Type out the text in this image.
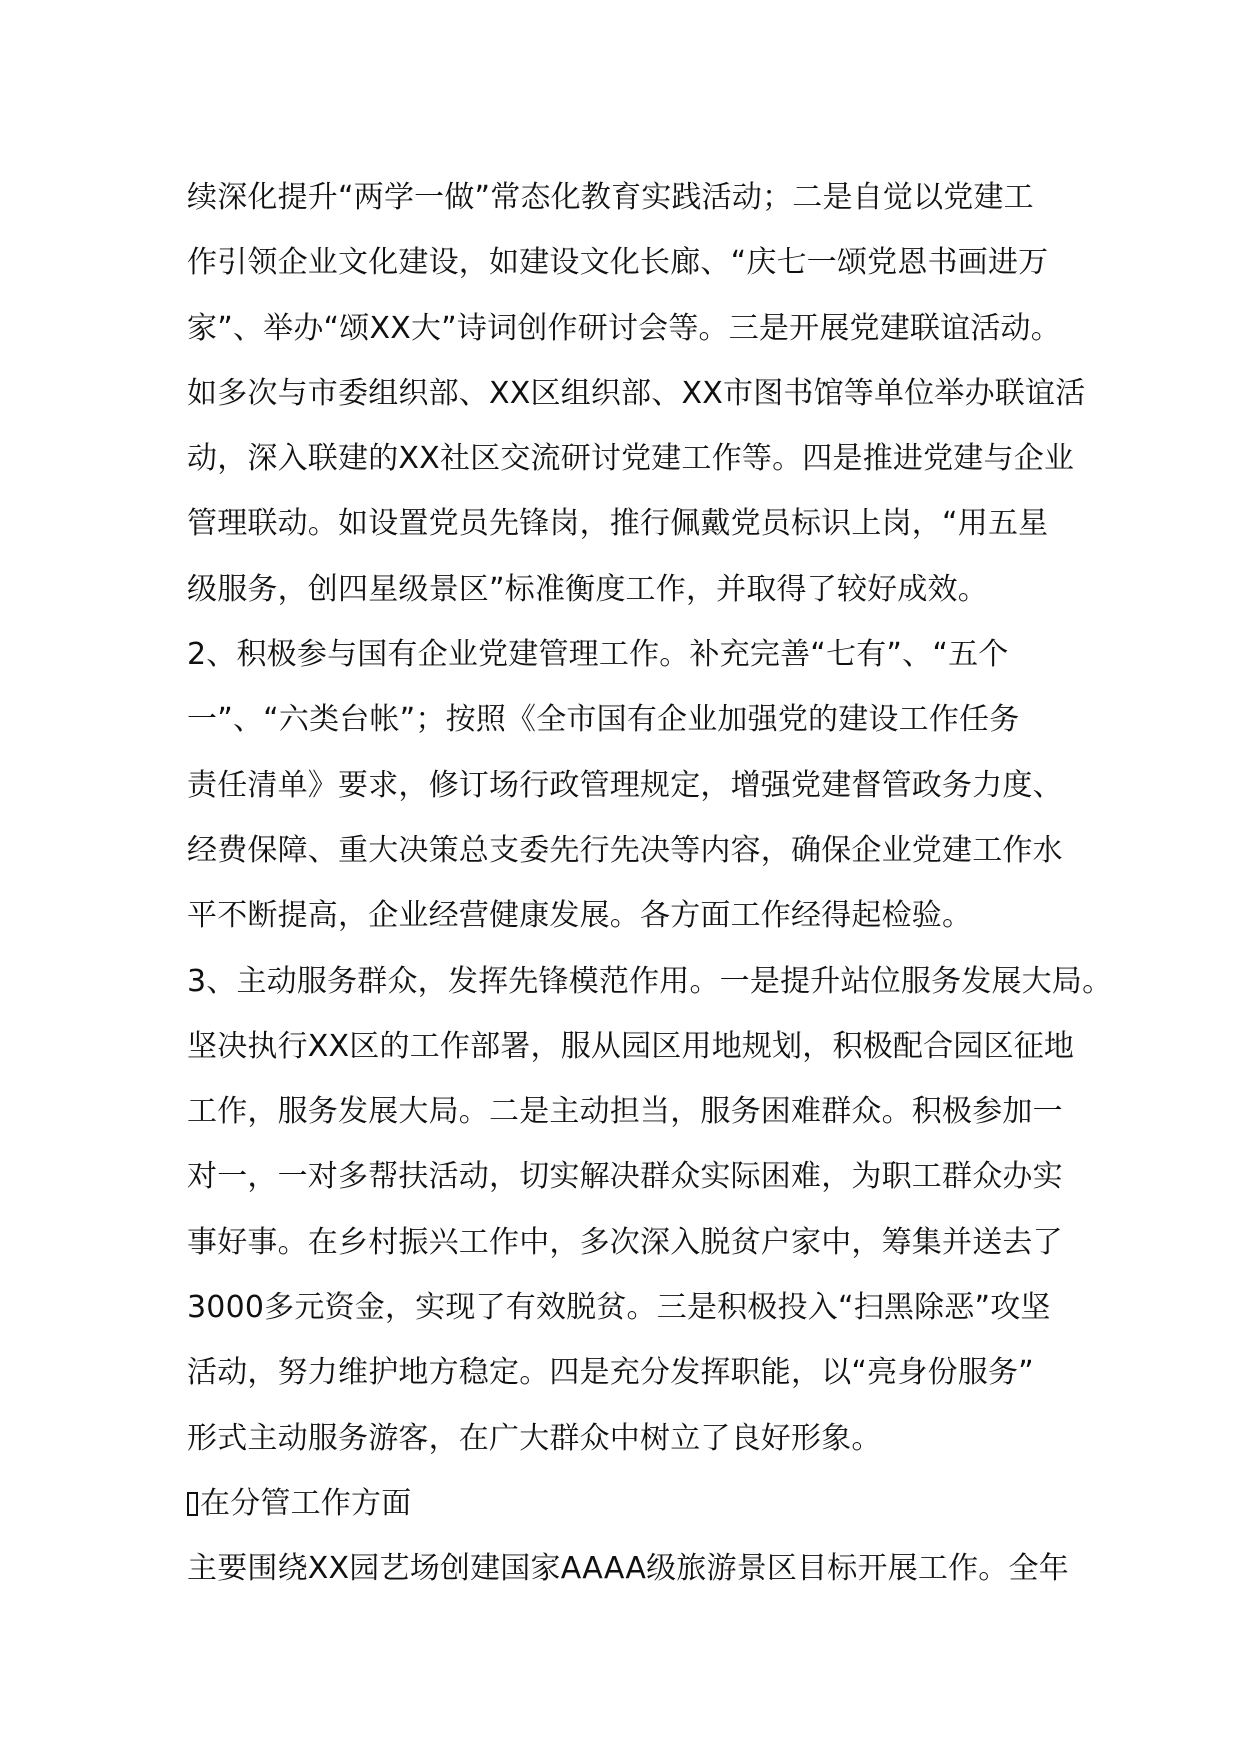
续深化提升“两学一做”常态化教育实践活动；二是自觉以党建工
作引领企业文化建设，如建设文化长廊、“庆七一颂党恩书画进万
家”、举办“颂XX大”诗词创作研讨会等。三是开展党建联谊活动。
如多次与市委组织部、XX区组织部、XX市图书馆等单位举办联谊活
动，深入联建的XX社区交流研讨党建工作等。四是推进党建与企业
管理联动。如设置党员先锋岗，推行佩戴党员标识上岗，“用五星
级服务，创四星级景区”标准衡度工作，并取得了较好成效。
2、积极参与国有企业党建管理工作。补充完善“七有”、“五个
一”、“六类台帐”；按照《全市国有企业加强党的建设工作任务
责任清单》要求，修订场行政管理规定，增强党建督管政务力度、
经费保障、重大决策总支委先行先决等内容，确保企业党建工作水
平不断提高，企业经营健康发展。各方面工作经得起检验。
3、主动服务群众，发挥先锋模范作用。一是提升站位服务发展大局。
坚决执行XX区的工作部署，服从园区用地规划，积极配合园区征地
工作，服务发展大局。二是主动担当，服务困难群众。积极参加一
对一，一对多帮扶活动，切实解决群众实际困难，为职工群众办实
事好事。在乡村振兴工作中，多次深入脱贫户家中，筹集并送去了
3000多元资金，实现了有效脱贫。三是积极投入“扫黑除恶”攻坚
活动，努力维护地方稳定。四是充分发挥职能，以“亮身份服务”
形式主动服务游客，在广大群众中树立了良好形象。
在分管工作方面
主要围绕XX园艺场创建国家AAAA级旅游景区目标开展工作。全年
